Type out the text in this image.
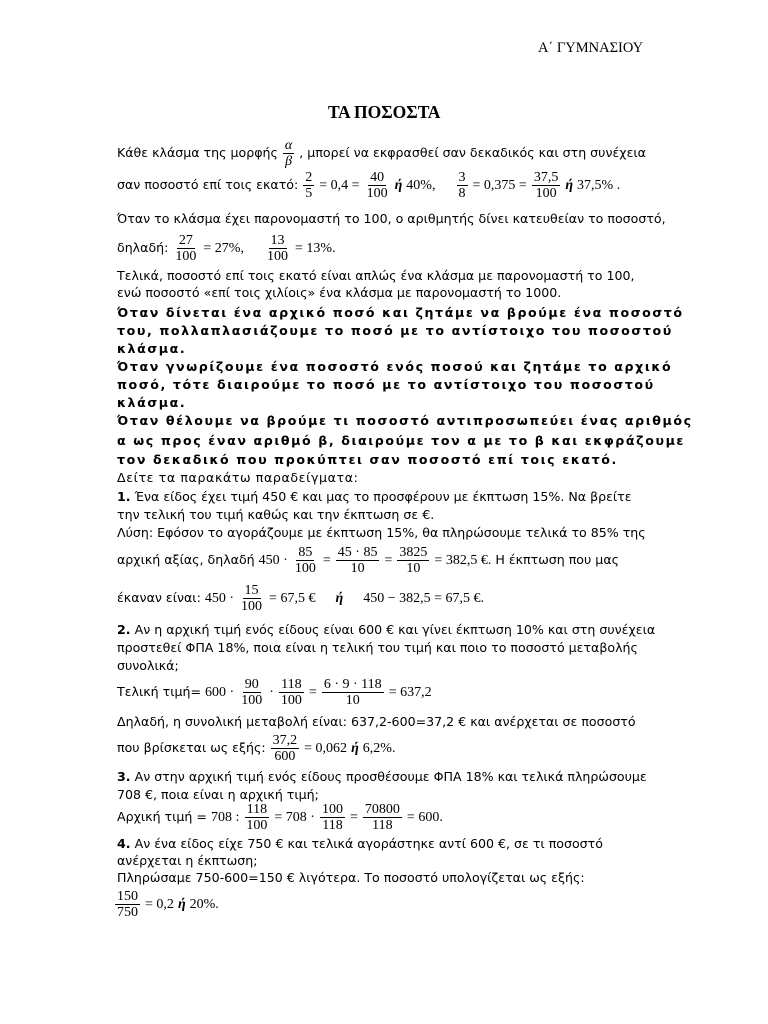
Α΄ ΓΥΜΝΑΣΙΟΥ
ΤΑ ΠΟΣΟΣΤΑ
Κάθε κλάσμα της μορφής $\frac{\alpha}{\beta}$ , μπορεί να εκφρασθεί σαν δεκαδικός και στη συνέχεια
σαν ποσοστό επί τοις εκατό: $\frac{2}{5} = 0,4 = \frac{40}{100}$ ή 40%, $\frac{3}{8} = 0,375 = \frac{37,5}{100}$ ή 37,5% .
Όταν το κλάσμα έχει παρονομαστή το 100, ο αριθμητής δίνει κατευθείαν το ποσοστό,
δηλαδή: $\frac{27}{100} = 27\%$, $\frac{13}{100} = 13\%$.
Τελικά, ποσοστό επί τοις εκατό είναι απλώς ένα κλάσμα με παρονομαστή το 100,
ενώ ποσοστό «επί τοις χιλίοις» ένα κλάσμα με παρονομαστή το 1000.
Όταν δίνεται ένα αρχικό ποσό και ζητάμε να βρούμε ένα ποσοστό
του, πολλαπλασιάζουμε το ποσό με το αντίστοιχο του ποσοστού
κλάσμα.
Όταν γνωρίζουμε ένα ποσοστό ενός ποσού και ζητάμε το αρχικό
ποσό, τότε διαιρούμε το ποσό με το αντίστοιχο του ποσοστού
κλάσμα.
Όταν θέλουμε να βρούμε τι ποσοστό αντιπροσωπεύει ένας αριθμός
α ως προς έναν αριθμό β, διαιρούμε τον α με το β και εκφράζουμε
τον δεκαδικό που προκύπτει σαν ποσοστό επί τοις εκατό.
Δείτε τα παρακάτω παραδείγματα:
1. Ένα είδος έχει τιμή 450 € και μας το προσφέρουν με έκπτωση 15%. Να βρείτε
την τελική του τιμή καθώς και την έκπτωση σε €.
Λύση: Εφόσον το αγοράζουμε με έκπτωση 15%, θα πληρώσουμε τελικά το 85% της
αρχική αξίας, δηλαδή $450 \cdot \frac{85}{100} = \frac{45 \cdot 85}{10} = \frac{3825}{10} = 382,5$ €. Η έκπτωση που μας
έκαναν είναι: $450 \cdot \frac{15}{100} = 67,5$ € ή 450 − 382,5 = 67,5 €.
2. Αν η αρχική τιμή ενός είδους είναι 600 € και γίνει έκπτωση 10% και στη συνέχεια
προστεθεί ΦΠΑ 18%, ποια είναι η τελική του τιμή και ποιο το ποσοστό μεταβολής
συνολικά;
Τελική $\tau\iota\mu ή= 600 \cdot \frac{90}{100} \cdot \frac{118}{100} = \frac{6 \cdot 9 \cdot 118}{10} = 637,2$
Δηλαδή, η συνολική μεταβολή είναι: 637,2-600=37,2 € και ανέρχεται σε ποσοστό
που βρίσκεται ως εξής: $\frac{37,2}{600} = 0,062$ ή 6,2%.
3. Αν στην αρχική τιμή ενός είδους προσθέσουμε ΦΠΑ 18% και τελικά πληρώσουμε
708 €, ποια είναι η αρχική τιμή;
Αρχική τιμή = 708 : $\frac{118}{100} = 708 \cdot \frac{100}{118} = \frac{70800}{118} = 600$.
4. Αν ένα είδος είχε 750 € και τελικά αγοράστηκε αντί 600 €, σε τι ποσοστό
ανέρχεται η έκπτωση;
Πληρώσαμε 750-600=150 € λιγότερα. Το ποσοστό υπολογίζεται ως εξής:
$\frac{150}{750} = 0,2$ ή 20%.
